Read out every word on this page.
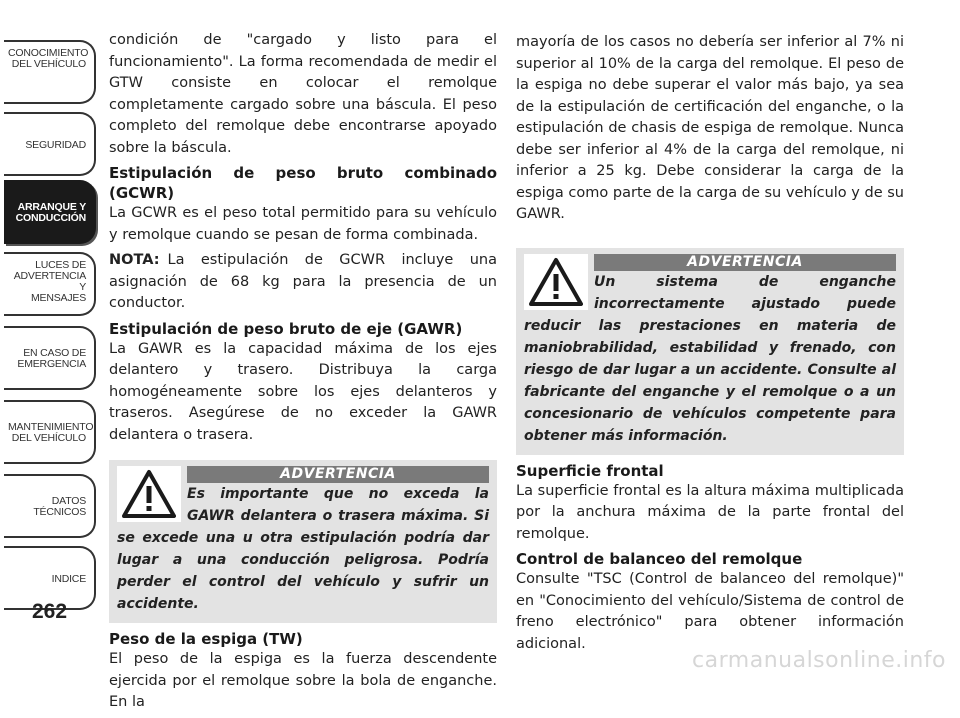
CONOCIMIENTO
DEL VEHÍCULO
SEGURIDAD
ARRANQUE Y
CONDUCCIÓN
LUCES DE
ADVERTENCIA Y
MENSAJES
EN CASO DE
EMERGENCIA
MANTENIMIENTO
DEL VEHÍCULO
DATOS
TÉCNICOS
INDICE
262

condición de "cargado y listo para el funcionamiento". La forma recomendada de medir el GTW consiste en colocar el remolque completamente cargado sobre una báscula. El peso completo del remolque debe encontrarse apoyado sobre la báscula.

Estipulación de peso bruto combinado (GCWR)

La GCWR es el peso total permitido para su vehículo y remolque cuando se pesan de forma combinada.

NOTA: La estipulación de GCWR incluye una asignación de 68 kg para la presencia de un conductor.

Estipulación de peso bruto de eje (GAWR)

La GAWR es la capacidad máxima de los ejes delantero y trasero. Distribuya la carga homogéneamente sobre los ejes delanteros y traseros. Asegúrese de no exceder la GAWR delantera o trasera.

ADVERTENCIA
Es importante que no exceda la GAWR delantera o trasera máxima. Si se excede una u otra estipulación podría dar lugar a una conducción peligrosa. Podría perder el control del vehículo y sufrir un accidente.
Peso de la espiga (TW)

El peso de la espiga es la fuerza descendente ejercida por el remolque sobre la bola de enganche. En la

mayoría de los casos no debería ser inferior al 7% ni superior al 10% de la carga del remolque. El peso de la espiga no debe superar el valor más bajo, ya sea de la estipulación de certificación del enganche, o la estipulación de chasis de espiga de remolque. Nunca debe ser inferior al 4% de la carga del remolque, ni inferior a 25 kg. Debe considerar la carga de la espiga como parte de la carga de su vehículo y de su GAWR.

ADVERTENCIA
Un sistema de enganche incorrectamente ajustado puede reducir las prestaciones en materia de maniobrabilidad, estabilidad y frenado, con riesgo de dar lugar a un accidente. Consulte al fabricante del enganche y el remolque o a un concesionario de vehículos competente para obtener más información.
Superficie frontal

La superficie frontal es la altura máxima multiplicada por la anchura máxima de la parte frontal del remolque.

Control de balanceo del remolque

Consulte "TSC (Control de balanceo del remolque)" en "Conocimiento del vehículo/Sistema de control de freno electrónico" para obtener información adicional.

carmanualsonline.info
